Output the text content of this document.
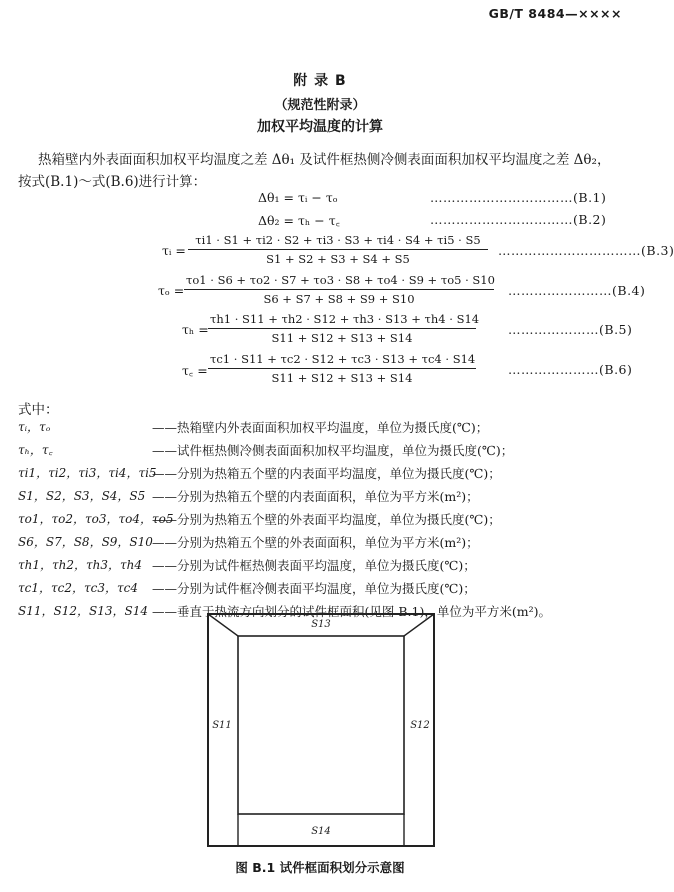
GB/T 8484—××××
附 录 B
（规范性附录）
加权平均温度的计算
热箱壁内外表面面积加权平均温度之差 Δθ₁ 及试件框热侧冷侧表面面积加权平均温度之差 Δθ₂，
按式(B.1)～式(B.6)进行计算：
Δθ₁ = τᵢ − τₒ	……………………………(B.1)
Δθ₂ = τₕ − τ꜀	……………………………(B.2)
τᵢ = $\frac{\tau i1 \cdot S1 + \tau i2 \cdot S2 + \tau i3 \cdot S3 + \tau i4 \cdot S4 + \tau i5 \cdot S5}{S1 + S2 + S3 + S4 + S5}$ ……………………………(B.3)
$\tau_o = \frac{\tau o1 \cdot S6 + \tau o2 \cdot S7 + \tau o3 \cdot S8 + \tau o4 \cdot S9 + \tau o5 \cdot S10}{S6 + S7 + S8 + S9 + S10}$ ……………………(B.4)
$\tau_h = \frac{\tau h1 \cdot S11 + \tau h2 \cdot S12 + \tau h3 \cdot S13 + \tau h4 \cdot S14}{S11 + S12 + S13 + S14}$	…………………(B.5)
τ꜀ = $\frac{\tau c1 \cdot S11 + \tau c2 \cdot S12 + \tau c3 \cdot S13 + \tau c4 \cdot S14}{S11 + S12 + S13 + S14}$	…………………(B.6)
式中：
τᵢ，τₒ	——热箱壁内外表面面积加权平均温度，单位为摄氏度(℃)；
τₕ，τ꜀	——试件框热侧冷侧表面面积加权平均温度，单位为摄氏度(℃)；
τi1，τi2，τi3，τi4，τi5
——分别为热箱五个壁的内表面平均温度，单位为摄氏度(℃)；
S1，S2，S3，S4，S5 ——分别为热箱五个壁的内表面面积，单位为平方米(m²)；
τo1，τo2，τo3，τo4，τo5
——分别为热箱五个壁的外表面平均温度，单位为摄氏度(℃)；
S6，S7，S8，S9，S10 ——分别为热箱五个壁的外表面面积，单位为平方米(m²)；
τh1，τh2，τh3，τh4 ——分别为试件框热侧表面平均温度，单位为摄氏度(℃)；
τc1，τc2，τc3，τc4 ——分别为试件框冷侧表面平均温度，单位为摄氏度(℃)；
S11，S12，S13，S14 ——垂直于热流方向划分的试件框面积(见图 B.1)，单位为平方米(m²)。
S13
S11	S12
S14
图 B.1 试件框面积划分示意图
